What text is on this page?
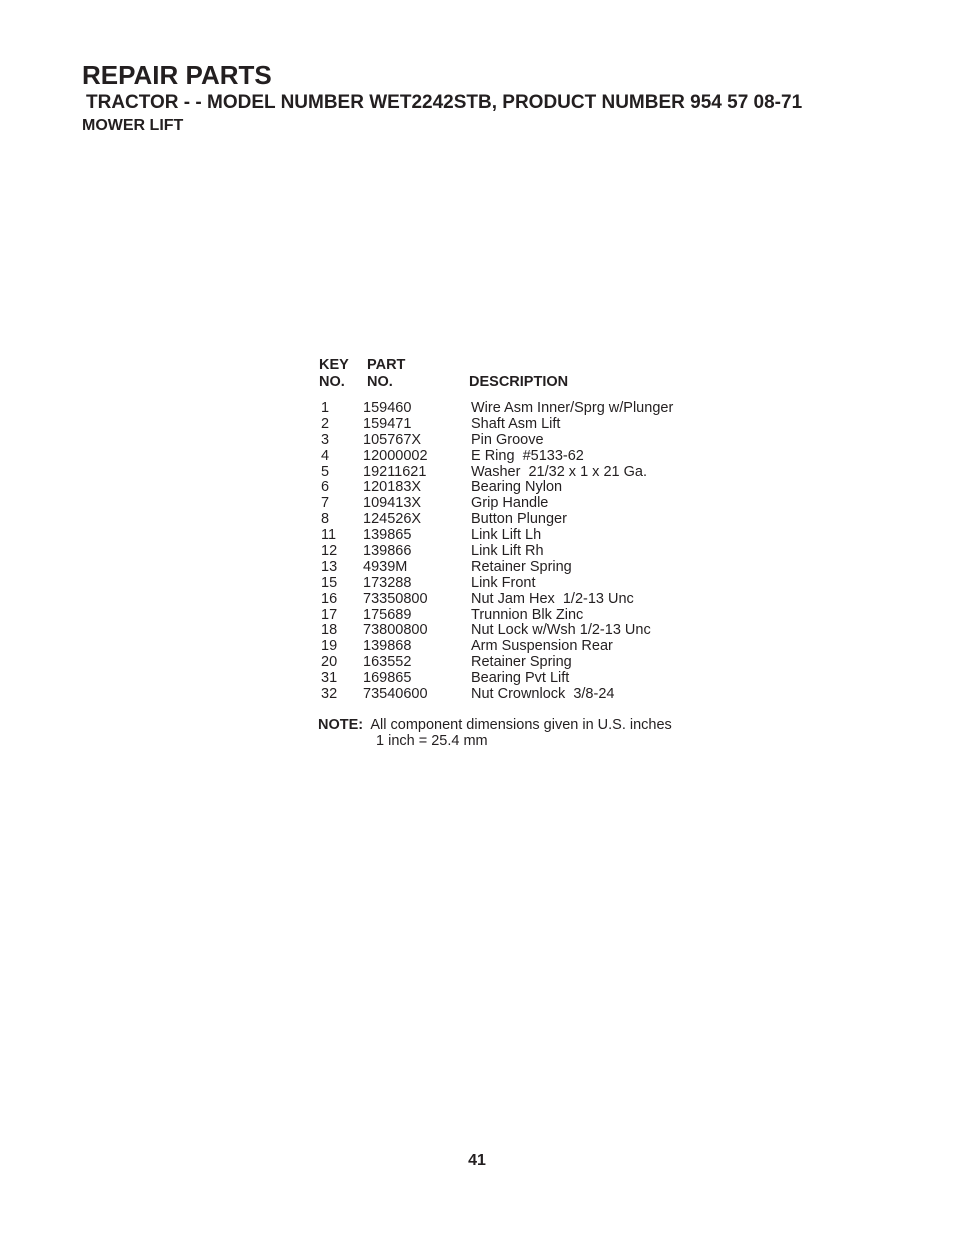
REPAIR PARTS
TRACTOR - - MODEL NUMBER WET2242STB, PRODUCT NUMBER 954 57 08-71
MOWER LIFT
KEY PART
NO. NO.	DESCRIPTION
1 159460	Wire Asm Inner/Sprg w/Plunger
2 159471	Shaft Asm Lift
3 105767X	Pin Groove
4 12000002	E Ring  #5133-62
5 19211621	Washer  21/32 x 1 x 21 Ga.
6 120183X	Bearing Nylon
7 109413X	Grip Handle
8 124526X	Button Plunger
11 139865	Link Lift Lh
12 139866	Link Lift Rh
13 4939M	Retainer Spring
15 173288	Link Front
16 73350800	Nut Jam Hex  1/2-13 Unc
17 175689	Trunnion Blk Zinc
18 73800800	Nut Lock w/Wsh 1/2-13 Unc
19 139868	Arm Suspension Rear
20 163552	Retainer Spring
31 169865	Bearing Pvt Lift
32 73540600	Nut Crownlock  3/8-24
NOTE: All component dimensions given in U.S. inches
1 inch = 25.4 mm
41
